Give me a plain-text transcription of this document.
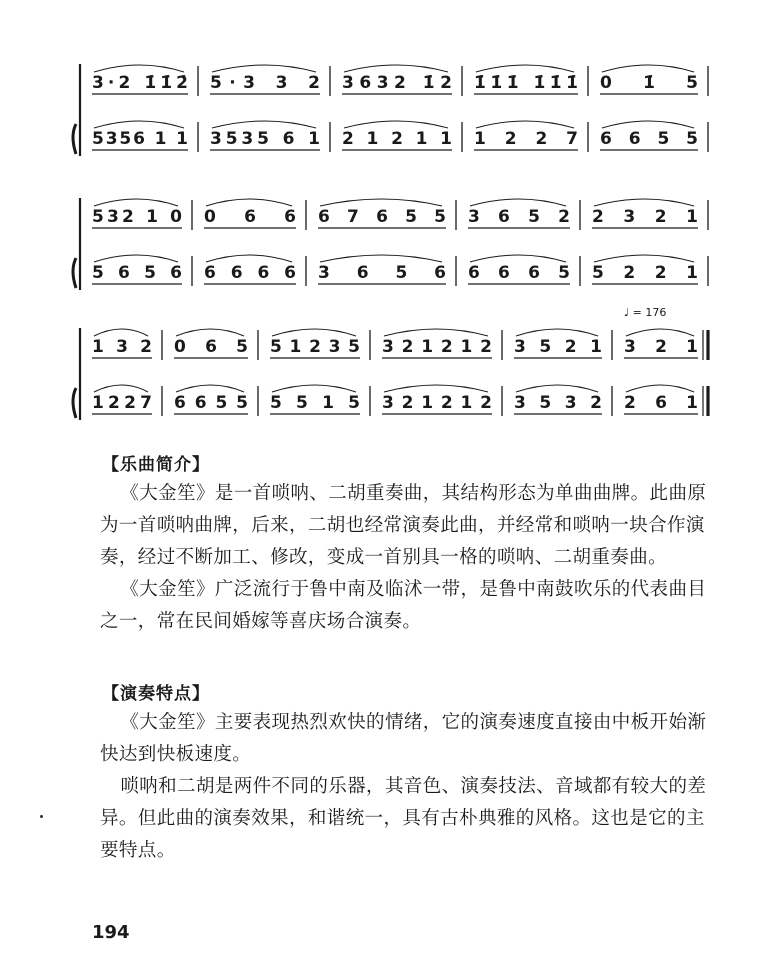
♩ = 176
3·2 1̇1̇2̇ 5·3 3 2 3632 1̇2 1̇1̇1̇ 1̇1̇1̇ 0 1̇ 5
5356 1 1 3535 6 1 2 1 2 1 1 1 2 2 7 6 6 5 5
532 1 0 0 6 6 6 7 6 5 5 3 6 5 2 2 3 2 1
5 6 5 6 6 6 6 6 3 6 5 6 6 6 6 5 5 2 2 1
1 3 2 0 6 5 5 1 2 3 5 3 2 1 2 1 2 3 5 2 1 3 2 1
1 2 2 7 6 6 5 5 5 5 1 5 3 2 1 2 1 2 3 5 3 2 2 6 1
【乐曲简介】

《大金笙》是一首唢呐、二胡重奏曲，其结构形态为单曲曲牌。此曲原为一首唢呐曲牌，后来，二胡也经常演奏此曲，并经常和唢呐一块合作演奏，经过不断加工、修改，变成一首别具一格的唢呐、二胡重奏曲。

《大金笙》广泛流行于鲁中南及临沭一带，是鲁中南鼓吹乐的代表曲目之一，常在民间婚嫁等喜庆场合演奏。

【演奏特点】

《大金笙》主要表现热烈欢快的情绪，它的演奏速度直接由中板开始渐快达到快板速度。

唢呐和二胡是两件不同的乐器，其音色、演奏技法、音域都有较大的差异。但此曲的演奏效果，和谐统一，具有古朴典雅的风格。这也是它的主要特点。

194
